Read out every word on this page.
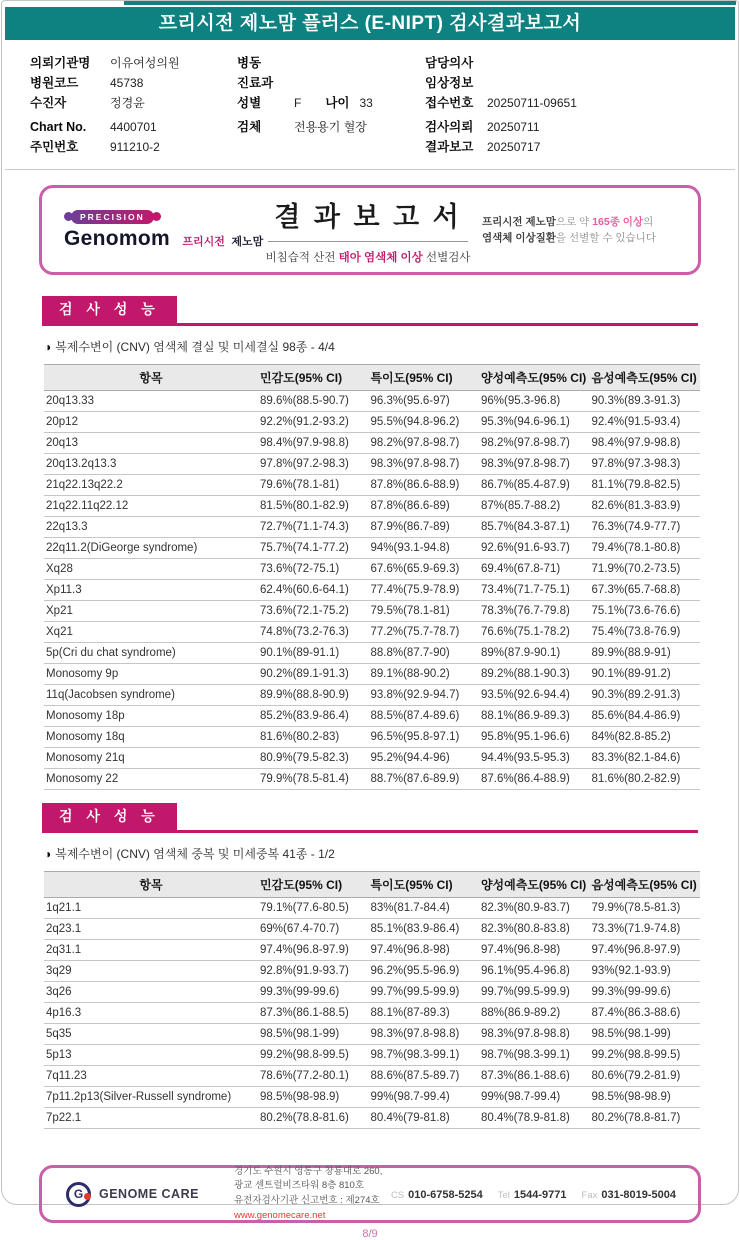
프리시전 제노맘 플러스 (E-NIPT) 검사결과보고서
의뢰기관명 이유여성의원
병원코드	45738
수진자	정경윤
Chart No. 4400701
주민번호	911210-2
병동
진료과
성별	F 나이 33
검체	전용용기 혈장
담당의사
임상정보
접수번호 20250711-09651
검사의뢰 20250711
결과보고 20250717
PRECISION
Genomom 프리시전 제노맘
결 과 보 고 서
비침습적 산전 태아 염색체 이상 선별검사
프리시전 제노맘으로 약 165종 이상의
염색체 이상질환을 선별할 수 있습니다
검 사 성 능
◑ 복제수변이 (CNV) 염색체 결실 및 미세결실 98종 - 4/4
항목	민감도(95% CI)	특이도(95% CI)	양성예측도(95% CI)	음성예측도(95% CI)
20q13.33	89.6%(88.5-90.7)	96.3%(95.6-97)	96%(95.3-96.8)	90.3%(89.3-91.3)
20p12	92.2%(91.2-93.2)	95.5%(94.8-96.2)	95.3%(94.6-96.1)	92.4%(91.5-93.4)
20q13	98.4%(97.9-98.8)	98.2%(97.8-98.7)	98.2%(97.8-98.7)	98.4%(97.9-98.8)
20q13.2q13.3	97.8%(97.2-98.3)	98.3%(97.8-98.7)	98.3%(97.8-98.7)	97.8%(97.3-98.3)
21q22.13q22.2	79.6%(78.1-81)	87.8%(86.6-88.9)	86.7%(85.4-87.9)	81.1%(79.8-82.5)
21q22.11q22.12	81.5%(80.1-82.9)	87.8%(86.6-89)	87%(85.7-88.2)	82.6%(81.3-83.9)
22q13.3	72.7%(71.1-74.3)	87.9%(86.7-89)	85.7%(84.3-87.1)	76.3%(74.9-77.7)
22q11.2(DiGeorge syndrome)	75.7%(74.1-77.2)	94%(93.1-94.8)	92.6%(91.6-93.7)	79.4%(78.1-80.8)
Xq28	73.6%(72-75.1)	67.6%(65.9-69.3)	69.4%(67.8-71)	71.9%(70.2-73.5)
Xp11.3	62.4%(60.6-64.1)	77.4%(75.9-78.9)	73.4%(71.7-75.1)	67.3%(65.7-68.8)
Xp21	73.6%(72.1-75.2)	79.5%(78.1-81)	78.3%(76.7-79.8)	75.1%(73.6-76.6)
Xq21	74.8%(73.2-76.3)	77.2%(75.7-78.7)	76.6%(75.1-78.2)	75.4%(73.8-76.9)
5p(Cri du chat syndrome)	90.1%(89-91.1)	88.8%(87.7-90)	89%(87.9-90.1)	89.9%(88.9-91)
Monosomy 9p	90.2%(89.1-91.3)	89.1%(88-90.2)	89.2%(88.1-90.3)	90.1%(89-91.2)
11q(Jacobsen syndrome)	89.9%(88.8-90.9)	93.8%(92.9-94.7)	93.5%(92.6-94.4)	90.3%(89.2-91.3)
Monosomy 18p	85.2%(83.9-86.4)	88.5%(87.4-89.6)	88.1%(86.9-89.3)	85.6%(84.4-86.9)
Monosomy 18q	81.6%(80.2-83)	96.5%(95.8-97.1)	95.8%(95.1-96.6)	84%(82.8-85.2)
Monosomy 21q	80.9%(79.5-82.3)	95.2%(94.4-96)	94.4%(93.5-95.3)	83.3%(82.1-84.6)
Monosomy 22	79.9%(78.5-81.4)	88.7%(87.6-89.9)	87.6%(86.4-88.9)	81.6%(80.2-82.9)
검 사 성 능
◑ 복제수변이 (CNV) 염색체 중복 및 미세중복 41종 - 1/2
항목	민감도(95% CI)	특이도(95% CI)	양성예측도(95% CI)	음성예측도(95% CI)
1q21.1	79.1%(77.6-80.5)	83%(81.7-84.4)	82.3%(80.9-83.7)	79.9%(78.5-81.3)
2q23.1	69%(67.4-70.7)	85.1%(83.9-86.4)	82.3%(80.8-83.8)	73.3%(71.9-74.8)
2q31.1	97.4%(96.8-97.9)	97.4%(96.8-98)	97.4%(96.8-98)	97.4%(96.8-97.9)
3q29	92.8%(91.9-93.7)	96.2%(95.5-96.9)	96.1%(95.4-96.8)	93%(92.1-93.9)
3q26	99.3%(99-99.6)	99.7%(99.5-99.9)	99.7%(99.5-99.9)	99.3%(99-99.6)
4p16.3	87.3%(86.1-88.5)	88.1%(87-89.3)	88%(86.9-89.2)	87.4%(86.3-88.6)
5q35	98.5%(98.1-99)	98.3%(97.8-98.8)	98.3%(97.8-98.8)	98.5%(98.1-99)
5p13	99.2%(98.8-99.5)	98.7%(98.3-99.1)	98.7%(98.3-99.1)	99.2%(98.8-99.5)
7q11.23	78.6%(77.2-80.1)	88.6%(87.5-89.7)	87.3%(86.1-88.6)	80.6%(79.2-81.9)
7p11.2p13(Silver-Russell syndrome)	98.5%(98-98.9)	99%(98.7-99.4)	99%(98.7-99.4)	98.5%(98-98.9)
7p22.1	80.2%(78.8-81.6)	80.4%(79-81.8)	80.4%(78.9-81.8)	80.2%(78.8-81.7)
G	GENOME CARE
경기도 수원시 영통구 창룡대로 260, 광교 센트럴비즈타워 8층 810호
유전자검사기관 신고번호 : 제274호
www.genomecare.net
CS 010-6758-5254 Tel 1544-9771 Fax 031-8019-5004
8/9
